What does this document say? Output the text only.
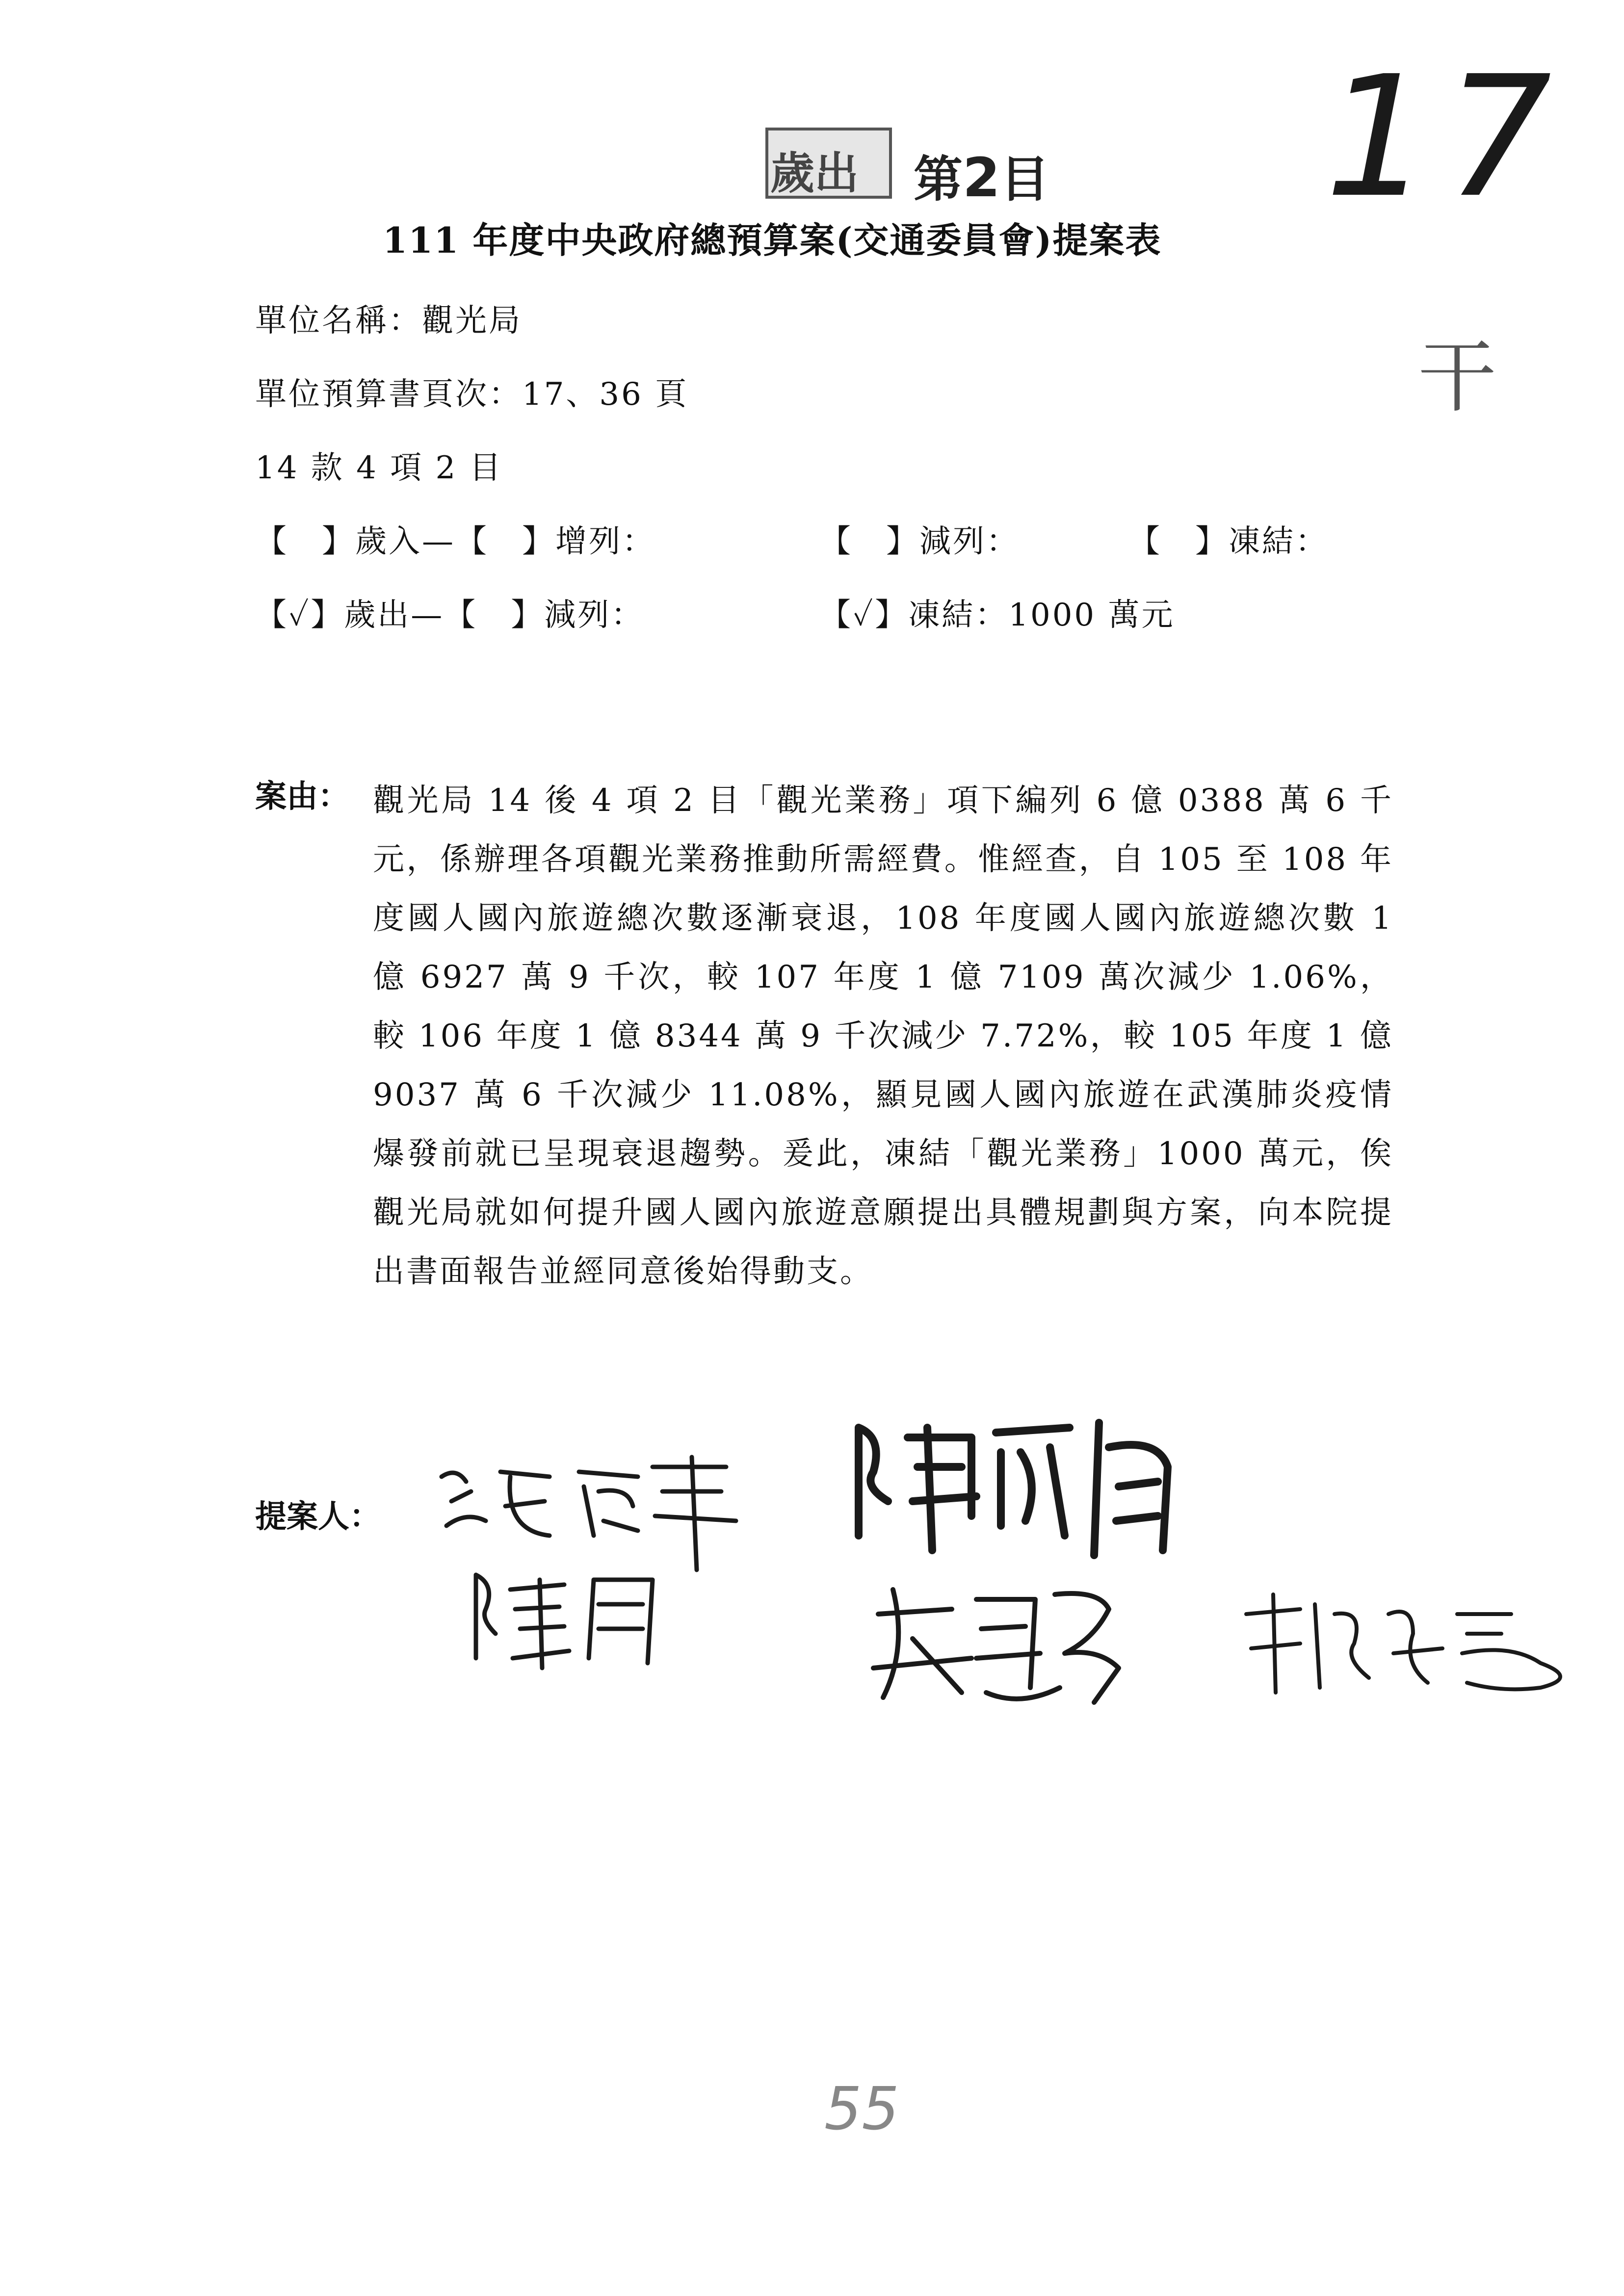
17
干
歲出 第2目
111 年度中央政府總預算案(交通委員會)提案表
單位名稱：觀光局
單位預算書頁次：17、36 頁
14 款 4 項 2 目
【　】歲入—【　】增列：	【　】減列：	【　】凍結：
【✓】歲出—【　】減列：	【✓】凍結：1000 萬元
案由： 觀光局 14 後 4 項 2 目「觀光業務」項下編列 6 億 0388 萬 6 千元，係辦理各項觀光業務推動所需經費。惟經查，自 105 至 108 年度國人國內旅遊總次數逐漸衰退，108 年度國人國內旅遊總次數 1 億 6927 萬 9 千次，較 107 年度 1 億 7109 萬次減少 1.06%，較 106 年度 1 億 8344 萬 9 千次減少 7.72%，較 105 年度 1 億 9037 萬 6 千次減少 11.08%，顯見國人國內旅遊在武漢肺炎疫情爆發前就已呈現衰退趨勢。爰此，凍結「觀光業務」1000 萬元，俟觀光局就如何提升國人國內旅遊意願提出具體規劃與方案，向本院提出書面報告並經同意後始得動支。
提案人：
55
